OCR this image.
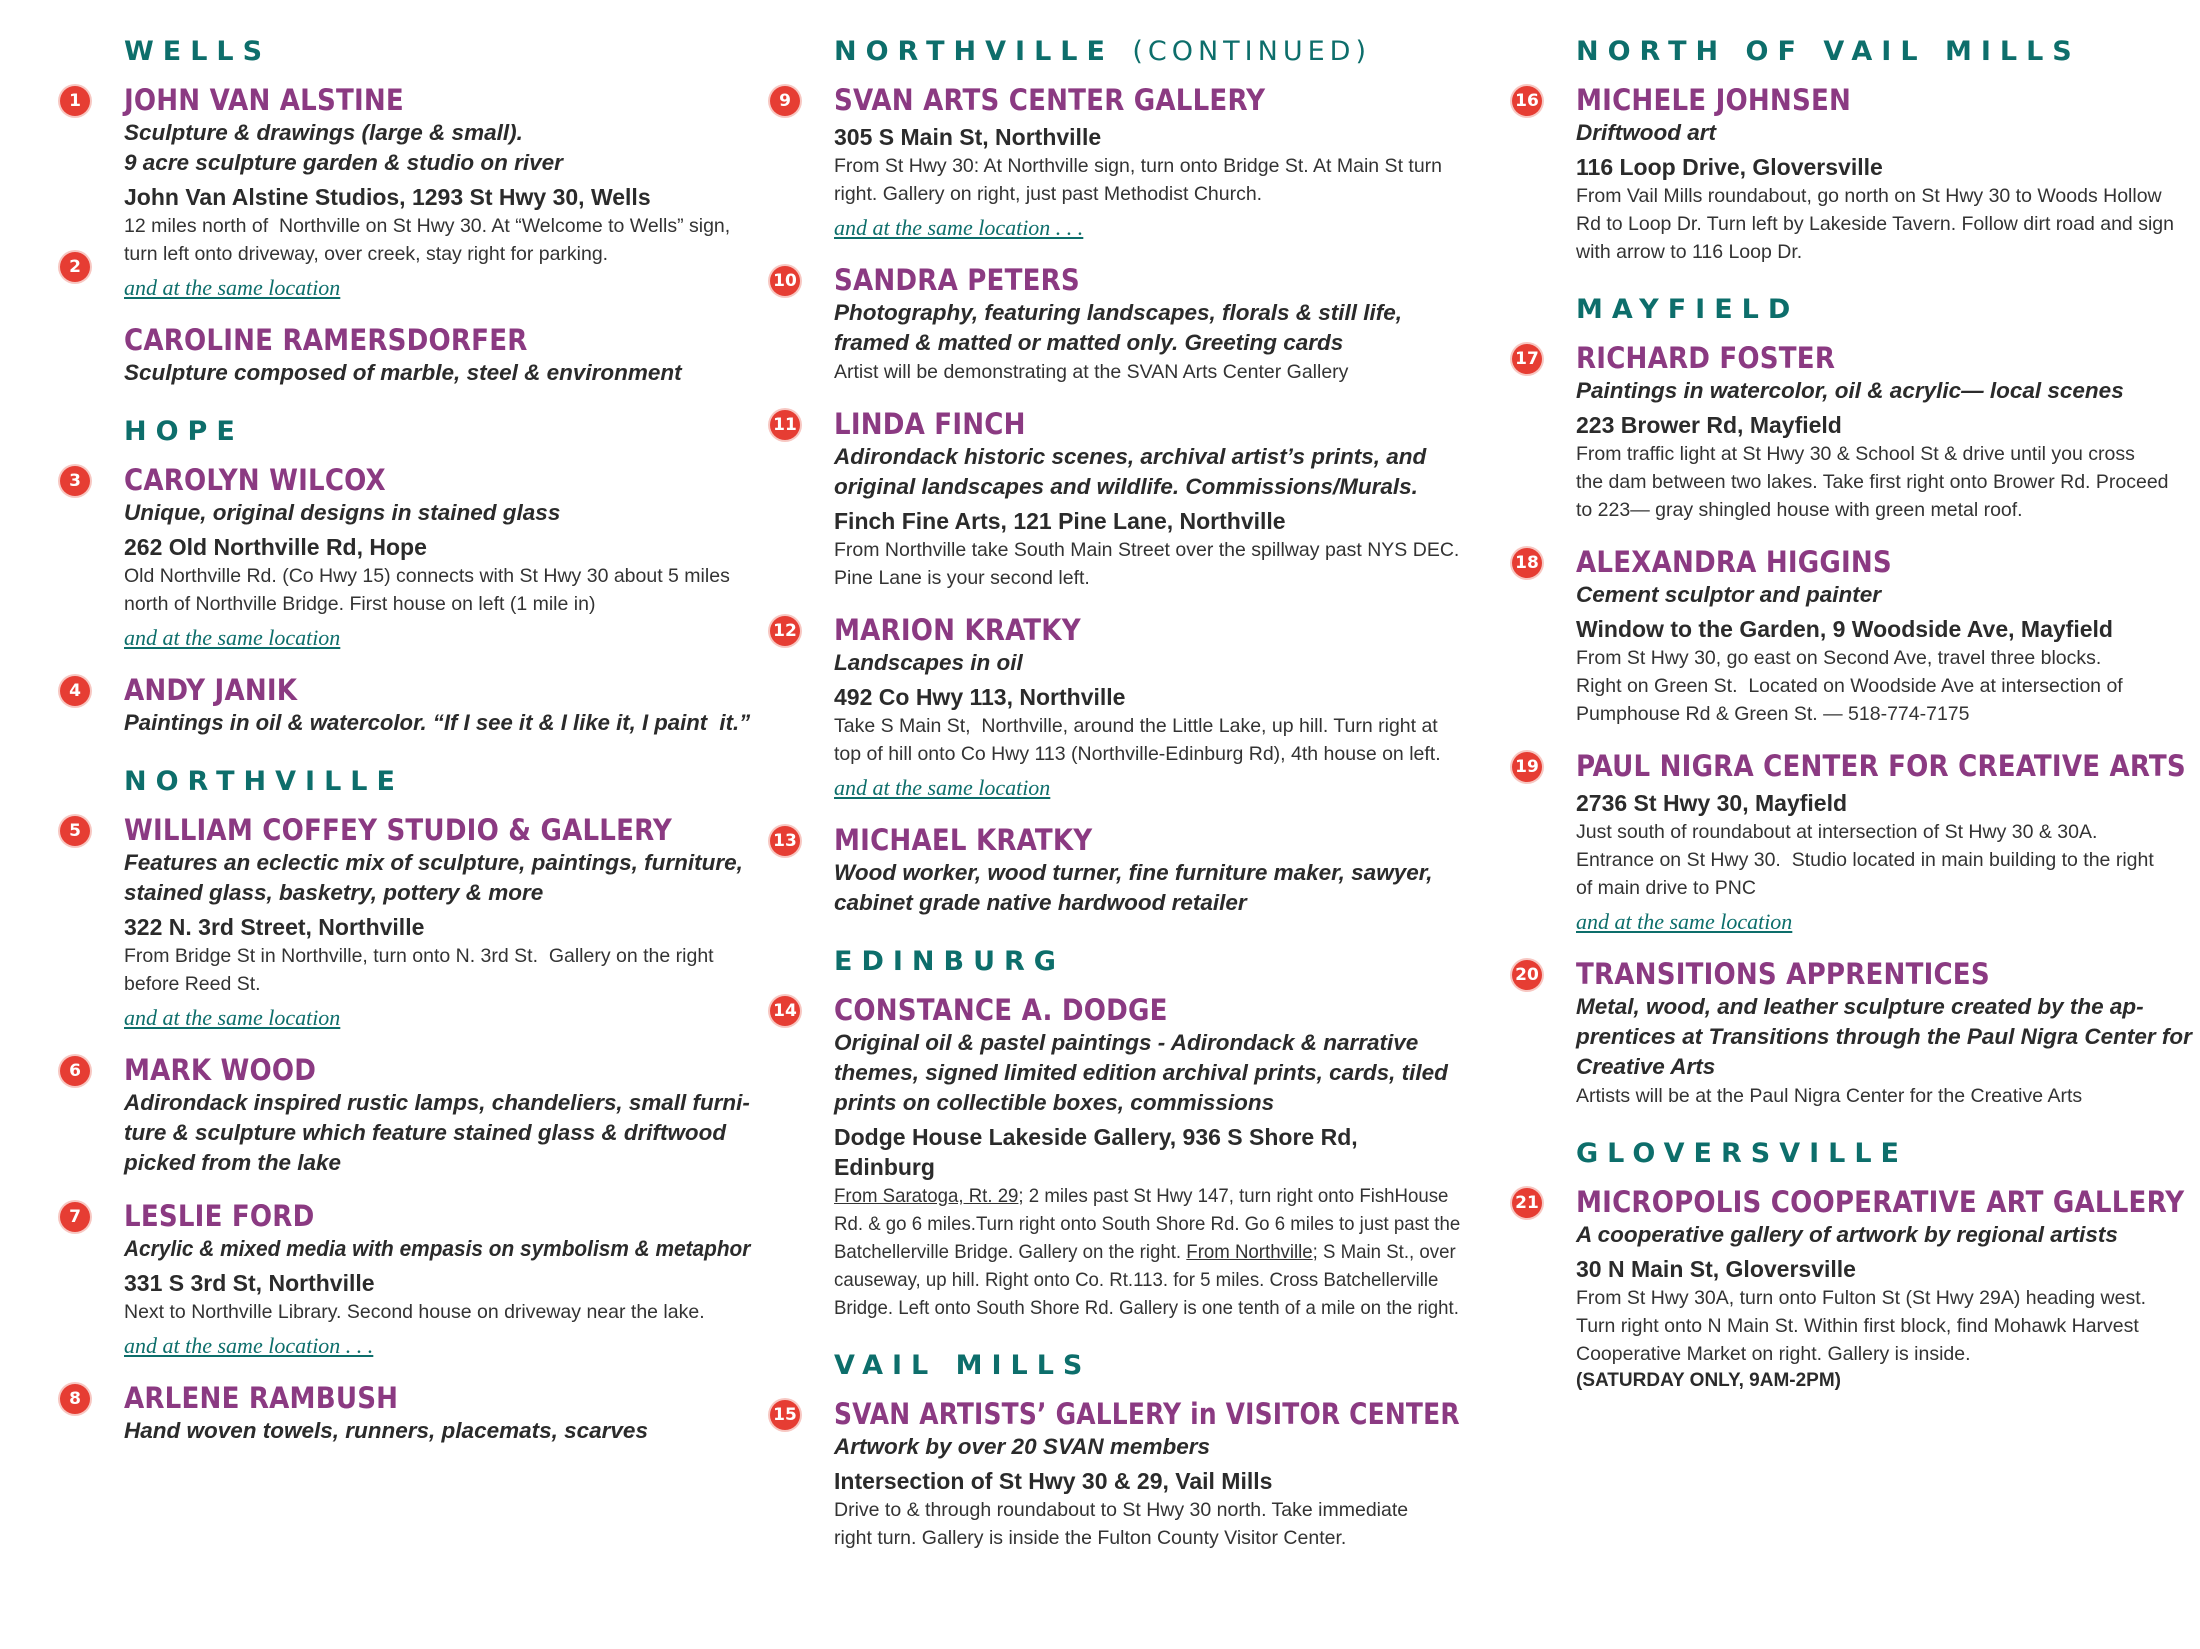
WELLS
1	JOHN VAN ALSTINE
Sculpture & drawings (large & small).
9 acre sculpture garden & studio on river
John Van Alstine Studios, 1293 St Hwy 30, Wells
12 miles north of  Northville on St Hwy 30. At “Welcome to Wells” sign,
turn left onto driveway, over creek, stay right for parking.
and at the same location
2
CAROLINE RAMERSDORFER
Sculpture composed of marble, steel & environment
HOPE
3	CAROLYN WILCOX
Unique, original designs in stained glass
262 Old Northville Rd, Hope
Old Northville Rd. (Co Hwy 15) connects with St Hwy 30 about 5 miles
north of Northville Bridge. First house on left (1 mile in)
and at the same location
4	ANDY JANIK
Paintings in oil & watercolor. “If I see it & I like it, I paint  it.”
NORTHVILLE
5	WILLIAM COFFEY STUDIO & GALLERY
Features an eclectic mix of sculpture, paintings, furniture,
stained glass, basketry, pottery & more
322 N. 3rd Street, Northville
From Bridge St in Northville, turn onto N. 3rd St.  Gallery on the right
before Reed St.
and at the same location
6	MARK WOOD
Adirondack inspired rustic lamps, chandeliers, small furni-
ture & sculpture which feature stained glass & driftwood
picked from the lake
7	LESLIE FORD
Acrylic & mixed media with empasis on symbolism & metaphor
331 S 3rd St, Northville
Next to Northville Library. Second house on driveway near the lake.
and at the same location . . .
8	ARLENE RAMBUSH
Hand woven towels, runners, placemats, scarves
NORTHVILLE (CONTINUED)
9	SVAN ARTS CENTER GALLERY
305 S Main St, Northville
From St Hwy 30: At Northville sign, turn onto Bridge St. At Main St turn
right. Gallery on right, just past Methodist Church.
and at the same location . . .
10 SANDRA PETERS
Photography, featuring landscapes, florals & still life,
framed & matted or matted only. Greeting cards
Artist will be demonstrating at the SVAN Arts Center Gallery
11 LINDA FINCH
Adirondack historic scenes, archival artist’s prints, and
original landscapes and wildlife. Commissions/Murals.
Finch Fine Arts, 121 Pine Lane, Northville
From Northville take South Main Street over the spillway past NYS DEC.
Pine Lane is your second left.
12 MARION KRATKY
Landscapes in oil
492 Co Hwy 113, Northville
Take S Main St,  Northville, around the Little Lake, up hill. Turn right at
top of hill onto Co Hwy 113 (Northville-Edinburg Rd), 4th house on left.
and at the same location
13 MICHAEL KRATKY
Wood worker, wood turner, fine furniture maker, sawyer,
cabinet grade native hardwood retailer
EDINBURG
14 CONSTANCE A. DODGE
Original oil & pastel paintings - Adirondack & narrative
themes, signed limited edition archival prints, cards, tiled
prints on collectible boxes, commissions
Dodge House Lakeside Gallery, 936 S Shore Rd, Edinburg
From Saratoga, Rt. 29; 2 miles past St Hwy 147, turn right onto FishHouse
Rd. & go 6 miles.Turn right onto South Shore Rd. Go 6 miles to just past the
Batchellerville Bridge. Gallery on the right. From Northville; S Main St., over
causeway, up hill. Right onto Co. Rt.113. for 5 miles. Cross Batchellerville
Bridge. Left onto South Shore Rd. Gallery is one tenth of a mile on the right.
VAIL MILLS
15 SVAN ARTISTS’ GALLERY in VISITOR CENTER
Artwork by over 20 SVAN members
Intersection of St Hwy 30 & 29, Vail Mills
Drive to & through roundabout to St Hwy 30 north. Take immediate
right turn. Gallery is inside the Fulton County Visitor Center.
NORTH OF VAIL MILLS
16 MICHELE JOHNSEN
Driftwood art
116 Loop Drive, Gloversville
From Vail Mills roundabout, go north on St Hwy 30 to Woods Hollow
Rd to Loop Dr. Turn left by Lakeside Tavern. Follow dirt road and sign
with arrow to 116 Loop Dr.
MAYFIELD
17 RICHARD FOSTER
Paintings in watercolor, oil & acrylic— local scenes
223 Brower Rd, Mayfield
From traffic light at St Hwy 30 & School St & drive until you cross
the dam between two lakes. Take first right onto Brower Rd. Proceed
to 223— gray shingled house with green metal roof.
18 ALEXANDRA HIGGINS
Cement sculptor and painter
Window to the Garden, 9 Woodside Ave, Mayfield
From St Hwy 30, go east on Second Ave, travel three blocks.
Right on Green St.  Located on Woodside Ave at intersection of
Pumphouse Rd & Green St. — 518-774-7175
19 PAUL NIGRA CENTER FOR CREATIVE ARTS
2736 St Hwy 30, Mayfield
Just south of roundabout at intersection of St Hwy 30 & 30A.
Entrance on St Hwy 30.  Studio located in main building to the right
of main drive to PNC
and at the same location
20 TRANSITIONS APPRENTICES
Metal, wood, and leather sculpture created by the ap-
prentices at Transitions through the Paul Nigra Center for
Creative Arts
Artists will be at the Paul Nigra Center for the Creative Arts
GLOVERSVILLE
21 MICROPOLIS COOPERATIVE ART GALLERY
A cooperative gallery of artwork by regional artists
30 N Main St, Gloversville
From St Hwy 30A, turn onto Fulton St (St Hwy 29A) heading west.
Turn right onto N Main St. Within first block, find Mohawk Harvest
Cooperative Market on right. Gallery is inside.
(SATURDAY ONLY, 9AM-2PM)
